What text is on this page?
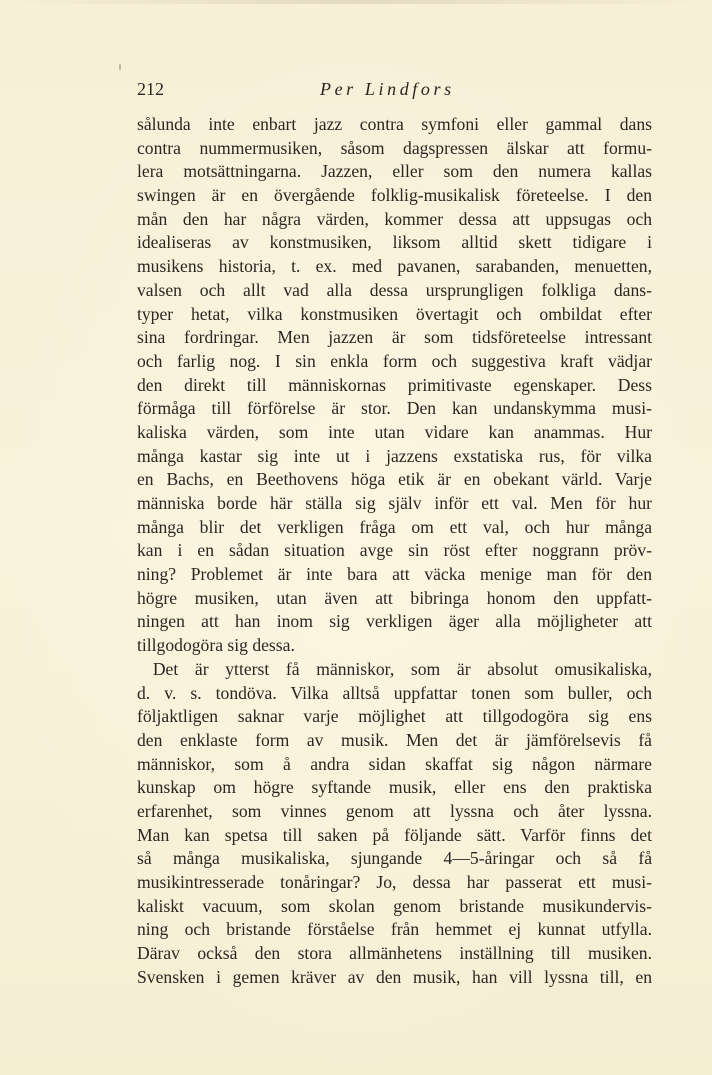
212	Per Lindfors
sålunda inte enbart jazz contra symfoni eller gammal dans
contra nummermusiken, såsom dagspressen älskar att formu-
lera motsättningarna. Jazzen, eller som den numera kallas
swingen är en övergående folklig-musikalisk företeelse. I den
mån den har några värden, kommer dessa att uppsugas och
idealiseras av konstmusiken, liksom alltid skett tidigare i
musikens historia, t. ex. med pavanen, sarabanden, menuetten,
valsen och allt vad alla dessa ursprungligen folkliga dans-
typer hetat, vilka konstmusiken övertagit och ombildat efter
sina fordringar. Men jazzen är som tidsföreteelse intressant
och farlig nog. I sin enkla form och suggestiva kraft vädjar
den direkt till människornas primitivaste egenskaper. Dess
förmåga till förförelse är stor. Den kan undanskymma musi-
kaliska värden, som inte utan vidare kan anammas. Hur
många kastar sig inte ut i jazzens exstatiska rus, för vilka
en Bachs, en Beethovens höga etik är en obekant värld. Varje
människa borde här ställa sig själv inför ett val. Men för hur
många blir det verkligen fråga om ett val, och hur många
kan i en sådan situation avge sin röst efter noggrann pröv-
ning? Problemet är inte bara att väcka menige man för den
högre musiken, utan även att bibringa honom den uppfatt-
ningen att han inom sig verkligen äger alla möjligheter att
tillgodogöra sig dessa.
Det är ytterst få människor, som är absolut omusikaliska,
d. v. s. tondöva. Vilka alltså uppfattar tonen som buller, och
följaktligen saknar varje möjlighet att tillgodogöra sig ens
den enklaste form av musik. Men det är jämförelsevis få
människor, som å andra sidan skaffat sig någon närmare
kunskap om högre syftande musik, eller ens den praktiska
erfarenhet, som vinnes genom att lyssna och åter lyssna.
Man kan spetsa till saken på följande sätt. Varför finns det
så många musikaliska, sjungande 4—5-åringar och så få
musikintresserade tonåringar? Jo, dessa har passerat ett musi-
kaliskt vacuum, som skolan genom bristande musikundervis-
ning och bristande förståelse från hemmet ej kunnat utfylla.
Därav också den stora allmänhetens inställning till musiken.
Svensken i gemen kräver av den musik, han vill lyssna till, en
